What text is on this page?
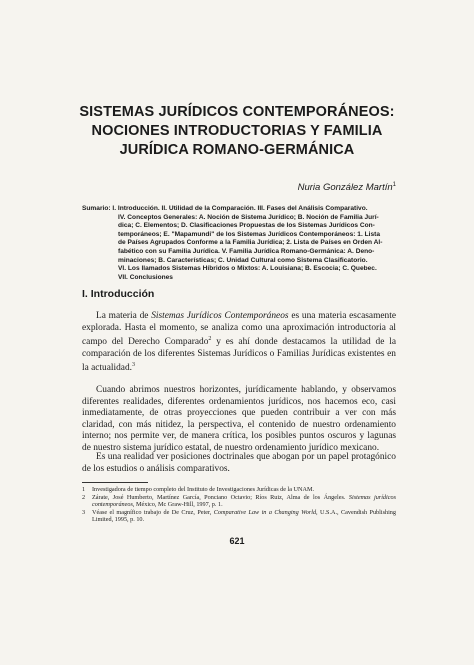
SISTEMAS JURÍDICOS CONTEMPORÁNEOS:
NOCIONES INTRODUCTORIAS Y FAMILIA
JURÍDICA ROMANO-GERMÁNICA
Nuria González Martín$^1$
Sumario: I. Introducción. II. Utilidad de la Comparación. III. Fases del Análisis Comparativo.
IV. Conceptos Generales: A. Noción de Sistema Jurídico; B. Noción de Familia Jurí-
dica; C. Elementos; D. Clasificaciones Propuestas de los Sistemas Jurídicos Con-
temporáneos; E. "Mapamundi" de los Sistemas Jurídicos Contemporáneos: 1. Lista
de Países Agrupados Conforme a la Familia Jurídica; 2. Lista de Países en Orden Al-
fabético con su Familia Jurídica. V. Familia Jurídica Romano-Germánica: A. Deno-
minaciones; B. Características; C. Unidad Cultural como Sistema Clasificatorio.
VI. Los llamados Sistemas Híbridos o Mixtos: A. Louisiana; B. Escocia; C. Quebec.
VII. Conclusiones
I. Introducción
La materia de Sistemas Jurídicos Contemporáneos es una materia escasamente explorada. Hasta el momento, se analiza como una aproximación introductoria al campo del Derecho Comparado$^2$ y es ahí donde destacamos la utilidad de la comparación de los diferentes Sistemas Jurídicos o Familias Jurídicas existentes en la actualidad.$^3$
Cuando abrimos nuestros horizontes, jurídicamente hablando, y observamos diferentes realidades, diferentes ordenamientos jurídicos, nos hacemos eco, casi inmediatamente, de otras proyecciones que pueden contribuir a ver con más claridad, con más nitidez, la perspectiva, el contenido de nuestro ordenamiento interno; nos permite ver, de manera crítica, los posibles puntos oscuros y lagunas de nuestro sistema jurídico estatal, de nuestro ordenamiento jurídico mexicano.
Es una realidad ver posiciones doctrinales que abogan por un papel protagónico de los estudios o análisis comparativos.
1	Investigadora de tiempo completo del Instituto de Investigaciones Jurídicas de la UNAM.
2	Zárate, José Humberto, Martínez García, Ponciano Octavio; Ríos Ruiz, Alma de los Ángeles. Sistemas jurídicos contemporáneos, México, Mc Graw-Hill, 1997, p. 1.
3	Véase el magnífico trabajo de De Cruz, Peter, Comparative Law in a Changing World, U.S.A., Cavendish Publishing Limited, 1995, p. 10.
621
